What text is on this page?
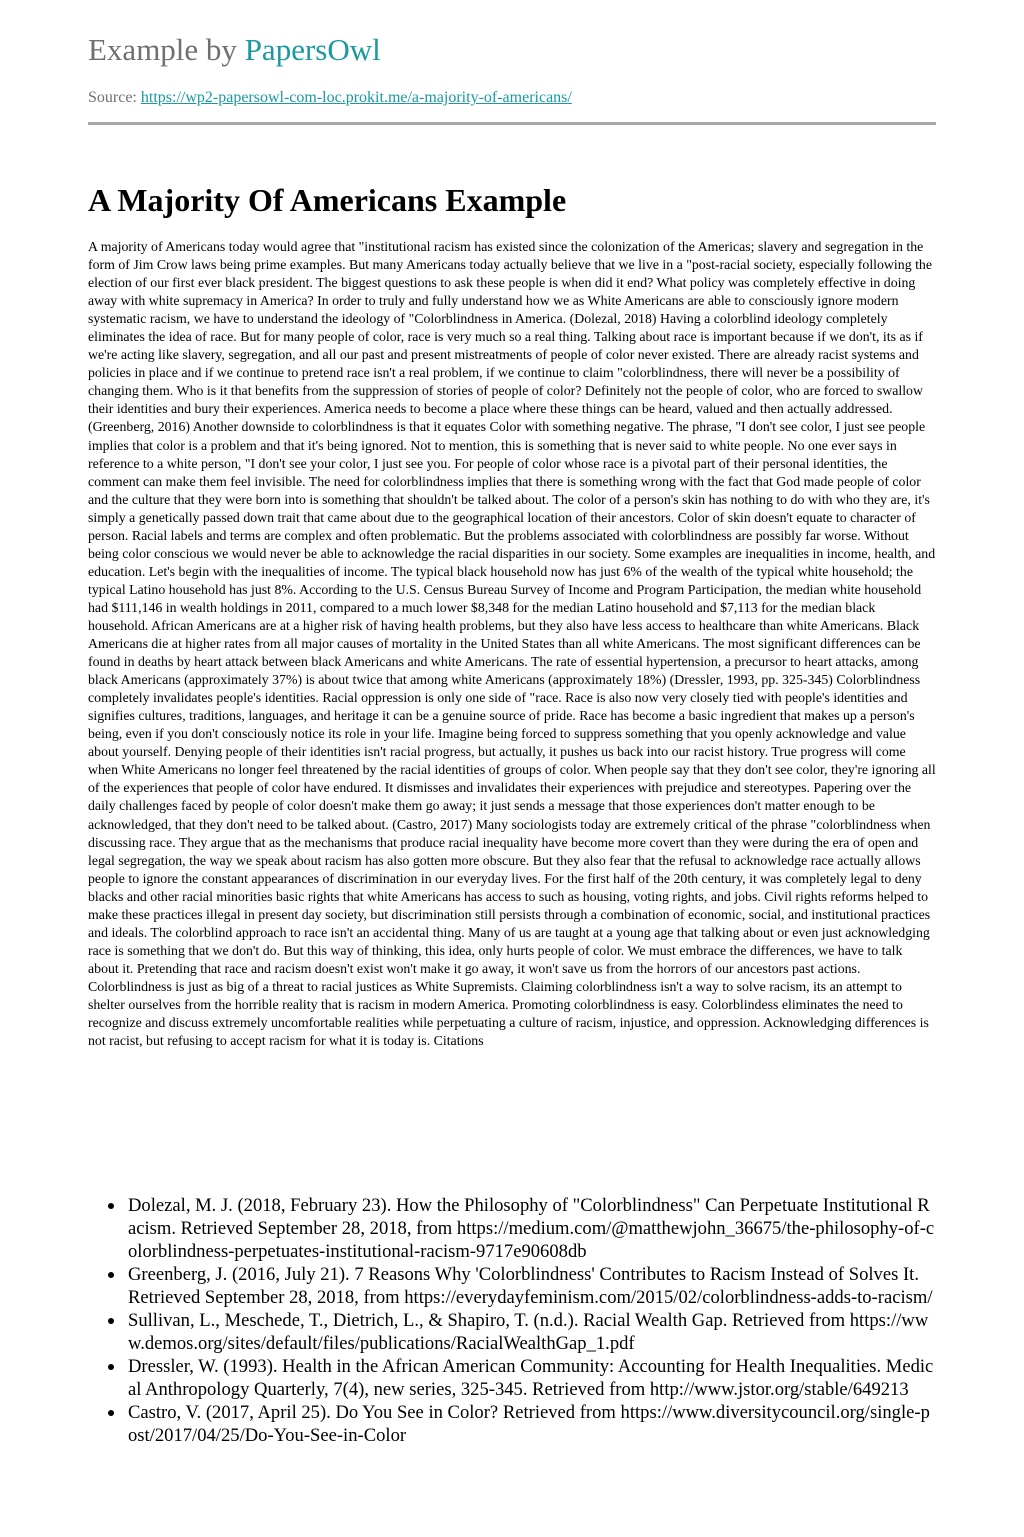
Example by PapersOwl
Source: https://wp2-papersowl-com-loc.prokit.me/a-majority-of-americans/
A Majority Of Americans Example

A majority of Americans today would agree that "institutional racism has existed since the colonization of the Americas; slavery and segregation in the form of Jim Crow laws being prime examples. But many Americans today actually believe that we live in a "post-racial society, especially following the election of our first ever black president. The biggest questions to ask these people is when did it end? What policy was completely effective in doing away with white supremacy in America? In order to truly and fully understand how we as White Americans are able to consciously ignore modern systematic racism, we have to understand the ideology of "Colorblindness in America. (Dolezal, 2018) Having a colorblind ideology completely eliminates the idea of race. But for many people of color, race is very much so a real thing. Talking about race is important because if we don't, its as if we're acting like slavery, segregation, and all our past and present mistreatments of people of color never existed. There are already racist systems and policies in place and if we continue to pretend race isn't a real problem, if we continue to claim "colorblindness, there will never be a possibility of changing them. Who is it that benefits from the suppression of stories of people of color? Definitely not the people of color, who are forced to swallow their identities and bury their experiences. America needs to become a place where these things can be heard, valued and then actually addressed. (Greenberg, 2016) Another downside to colorblindness is that it equates Color with something negative. The phrase, "I don't see color, I just see people implies that color is a problem and that it's being ignored. Not to mention, this is something that is never said to white people. No one ever says in reference to a white person, "I don't see your color, I just see you. For people of color whose race is a pivotal part of their personal identities, the comment can make them feel invisible. The need for colorblindness implies that there is something wrong with the fact that God made people of color and the culture that they were born into is something that shouldn't be talked about. The color of a person's skin has nothing to do with who they are, it's simply a genetically passed down trait that came about due to the geographical location of their ancestors. Color of skin doesn't equate to character of person. Racial labels and terms are complex and often problematic. But the problems associated with colorblindness are possibly far worse. Without being color conscious we would never be able to acknowledge the racial disparities in our society. Some examples are inequalities in income, health, and education. Let's begin with the inequalities of income. The typical black household now has just 6% of the wealth of the typical white household; the typical Latino household has just 8%. According to the U.S. Census Bureau Survey of Income and Program Participation, the median white household had $111,146 in wealth holdings in 2011, compared to a much lower $8,348 for the median Latino household and $7,113 for the median black household. African Americans are at a higher risk of having health problems, but they also have less access to healthcare than white Americans. Black Americans die at higher rates from all major causes of mortality in the United States than all white Americans. The most significant differences can be found in deaths by heart attack between black Americans and white Americans. The rate of essential hypertension, a precursor to heart attacks, among black Americans (approximately 37%) is about twice that among white Americans (approximately 18%) (Dressler, 1993, pp. 325-345) Colorblindness completely invalidates people's identities. Racial oppression is only one side of "race. Race is also now very closely tied with people's identities and signifies cultures, traditions, languages, and heritage it can be a genuine source of pride. Race has become a basic ingredient that makes up a person's being, even if you don't consciously notice its role in your life. Imagine being forced to suppress something that you openly acknowledge and value about yourself. Denying people of their identities isn't racial progress, but actually, it pushes us back into our racist history. True progress will come when White Americans no longer feel threatened by the racial identities of groups of color. When people say that they don't see color, they're ignoring all of the experiences that people of color have endured. It dismisses and invalidates their experiences with prejudice and stereotypes. Papering over the daily challenges faced by people of color doesn't make them go away; it just sends a message that those experiences don't matter enough to be acknowledged, that they don't need to be talked about. (Castro, 2017) Many sociologists today are extremely critical of the phrase "colorblindness when discussing race. They argue that as the mechanisms that produce racial inequality have become more covert than they were during the era of open and legal segregation, the way we speak about racism has also gotten more obscure. But they also fear that the refusal to acknowledge race actually allows people to ignore the constant appearances of discrimination in our everyday lives. For the first half of the 20th century, it was completely legal to deny blacks and other racial minorities basic rights that white Americans has access to such as housing, voting rights, and jobs. Civil rights reforms helped to make these practices illegal in present day society, but discrimination still persists through a combination of economic, social, and institutional practices and ideals. The colorblind approach to race isn't an accidental thing. Many of us are taught at a young age that talking about or even just acknowledging race is something that we don't do. But this way of thinking, this idea, only hurts people of color. We must embrace the differences, we have to talk about it. Pretending that race and racism doesn't exist won't make it go away, it won't save us from the horrors of our ancestors past actions. Colorblindness is just as big of a threat to racial justices as White Supremists. Claiming colorblindness isn't a way to solve racism, its an attempt to shelter ourselves from the horrible reality that is racism in modern America. Promoting colorblindness is easy. Colorblindess eliminates the need to recognize and discuss extremely uncomfortable realities while perpetuating a culture of racism, injustice, and oppression. Acknowledging differences is not racist, but refusing to accept racism for what it is today is. Citations

Dolezal, M. J. (2018, February 23). How the Philosophy of "Colorblindness" Can Perpetuate Institutional Racism. Retrieved September 28, 2018, from https://medium.com/@matthewjohn_36675/the-philosophy-of-colorblindness-perpetuates-institutional-racism-9717e90608db
Greenberg, J. (2016, July 21). 7 Reasons Why 'Colorblindness' Contributes to Racism Instead of Solves It. Retrieved September 28, 2018, from https://everydayfeminism.com/2015/02/colorblindness-adds-to-racism/
Sullivan, L., Meschede, T., Dietrich, L., & Shapiro, T. (n.d.). Racial Wealth Gap. Retrieved from https://www.demos.org/sites/default/files/publications/RacialWealthGap_1.pdf
Dressler, W. (1993). Health in the African American Community: Accounting for Health Inequalities. Medical Anthropology Quarterly, 7(4), new series, 325-345. Retrieved from http://www.jstor.org/stable/649213
Castro, V. (2017, April 25). Do You See in Color? Retrieved from https://www.diversitycouncil.org/single-post/2017/04/25/Do-You-See-in-Color
